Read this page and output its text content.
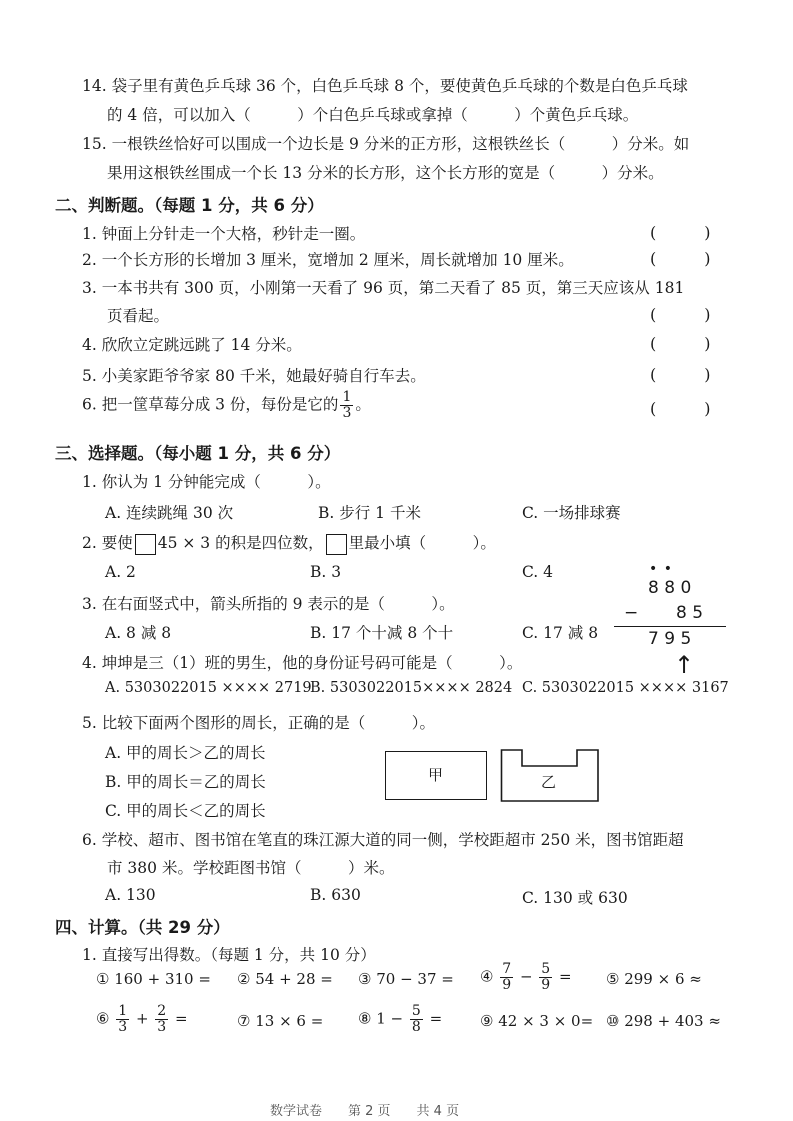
14. 袋子里有黄色乒乓球 36 个，白色乒乓球 8 个，要使黄色乒乓球的个数是白色乒乓球
的 4 倍，可以加入（　　　）个白色乒乓球或拿掉（　　　）个黄色乒乓球。
15. 一根铁丝恰好可以围成一个边长是 9 分米的正方形，这根铁丝长（　　　）分米。如
果用这根铁丝围成一个长 13 分米的长方形，这个长方形的宽是（　　　）分米。
二、判断题。（每题 1 分，共 6 分）
1. 钟面上分针走一个大格，秒针走一圈。	(　　　)
2. 一个长方形的长增加 3 厘米，宽增加 2 厘米，周长就增加 10 厘米。	(　　　)
3. 一本书共有 300 页，小刚第一天看了 96 页，第二天看了 85 页，第三天应该从 181
页看起。	(　　　)
4. 欣欣立定跳远跳了 14 分米。	(　　　)
5. 小美家距爷爷家 80 千米，她最好骑自行车去。	(　　　)
6. 把一筐草莓分成 3 份，每份是它的 $\frac{1}{3}$ 。	(　　　)
三、选择题。（每小题 1 分，共 6 分）
1. 你认为 1 分钟能完成（　　　）。
A. 连续跳绳 30 次	B. 步行 1 千米	C. 一场排球赛
2. 要使 45 × 3 的积是四位数， 里最小填（　　　）。
A. 2	B. 3	C. 4
3. 在右面竖式中，箭头所指的 9 表示的是（　　　）。
A. 8 减 8	B. 17 个十减 8 个十	C. 17 减 8
• •
8 8 0
− 8 5
7 9 5
↑
4. 坤坤是三（1）班的男生，他的身份证号码可能是（　　　）。
A. 5303022015 ×××× 2719
B. 5303022015×××× 2824 C. 5303022015 ×××× 3167
5. 比较下面两个图形的周长，正确的是（　　　）。
A. 甲的周长＞乙的周长
B. 甲的周长＝乙的周长
C. 甲的周长＜乙的周长
甲	乙
6. 学校、超市、图书馆在笔直的珠江源大道的同一侧，学校距超市 250 米，图书馆距超
市 380 米。学校距图书馆（　　　）米。
A. 130	B. 630	C. 130 或 630
四、计算。（共 29 分）
1. 直接写出得数。（每题 1 分，共 10 分）
① 160 + 310 = ② 54 + 28 = ③ 70 − 37 = ④ $\frac{7}{9} - \frac{5}{9}$ = ⑤ 299 × 6 ≈
⑥ $\frac{1}{3} + \frac{2}{3}$ =	⑦ 13 × 6 = ⑧ $1 - \frac{5}{8}$ =	⑨ 42 × 3 × 0= ⑩ 298 + 403 ≈
数学试卷　　第 2 页　　共 4 页
